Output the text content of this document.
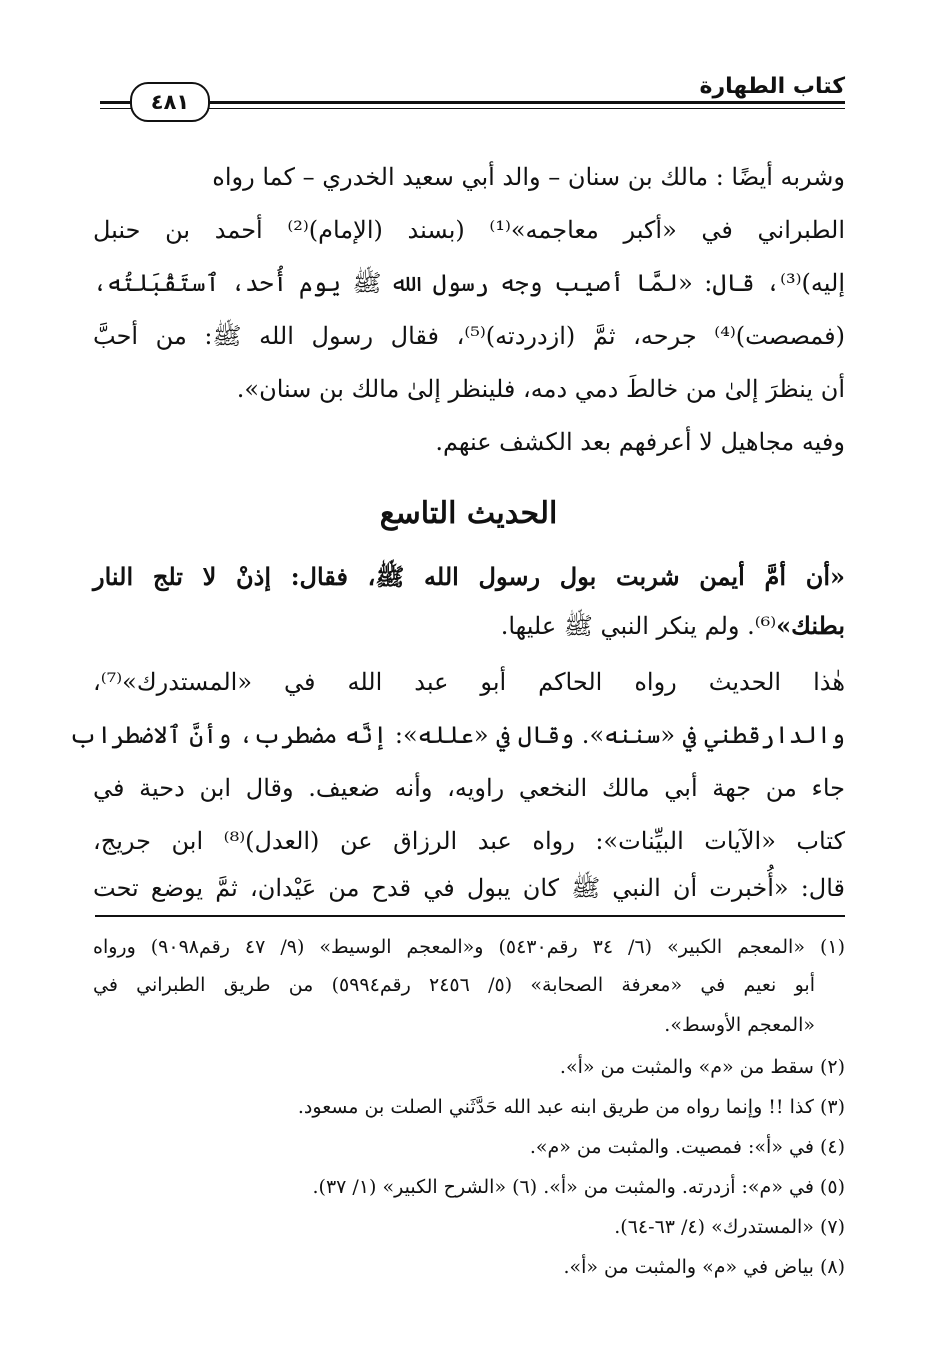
كتاب الطهارة
٤٨١
وشربه أيضًا : مالك بن سنان – والد أبي سعيد الخدري – كما رواه
الطبراني في «أكبر معاجمه»⁽¹⁾ (بسند (الإمام)⁽²⁾ أحمد بن حنبل
إليه)⁽³⁾، قال: «لمَّا أصيب وجه رسول الله ﷺ يوم أُحد، ٱستَقْبَلتُه،
(فمصصت)⁽⁴⁾ جرحه، ثمَّ (ازدردته)⁽⁵⁾، فقال رسول الله ﷺ: من أحبَّ
أن ينظرَ إلىٰ من خالطَ دمي دمه، فلينظر إلىٰ مالك بن سنان».
وفيه مجاهيل لا أعرفهم بعد الكشف عنهم.
الحديث التاسع
«أن أمَّ أيمن شربت بول رسول الله ﷺ، فقال: إذنْ لا تلج النار
بطنك»⁽⁶⁾. ولم ينكر النبي ﷺ عليها.
هٰذا الحديث رواه الحاكم أبو عبد الله في «المستدرك»⁽⁷⁾،
والدارقطني في «سننه». وقال في «علله»: إنَّه مضطرب، وأنَّ ٱلاضطراب
جاء من جهة أبي مالك النخعي راويه، وأنه ضعيف. وقال ابن دحية في
كتاب «الآيات البيِّنات»: رواه عبد الرزاق عن (العدل)⁽⁸⁾ ابن جريج،
قال: «أُخبرت أن النبي ﷺ كان يبول في قدح من عَيْدان، ثمَّ يوضع تحت
(١) «المعجم الكبير» (٦/ ٣٤ رقم٥٤٣٠) و«المعجم الوسيط» (٩/ ٤٧ رقم٩٠٩٨) ورواه
أبو نعيم في «معرفة الصحابة» (٥/ ٢٤٥٦ رقم٥٩٩٤) من طريق الطبراني في
«المعجم الأوسط».
(٢) سقط من «م» والمثبت من «أ».
(٣) كذا !! وإنما رواه من طريق ابنه عبد الله حَدَّثَني الصلت بن مسعود.
(٤) في «أ»: فمصيت. والمثبت من «م».
(٥) في «م»: أزدرته. والمثبت من «أ». (٦) «الشرح الكبير» (١/ ٣٧).
(٧) «المستدرك» (٤/ ٦٣-٦٤).
(٨) بياض في «م» والمثبت من «أ».
